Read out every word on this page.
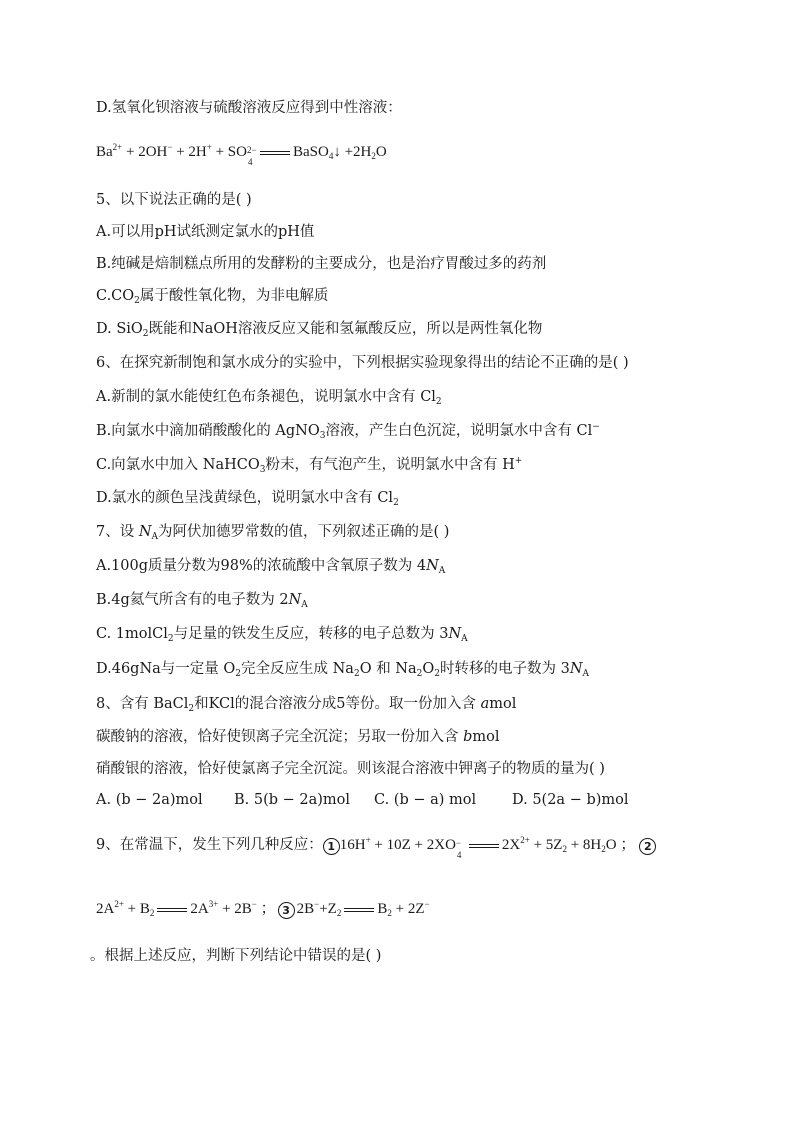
D.氢氧化钡溶液与硫酸溶液反应得到中性溶液：
$Ba^{2+} + 2OH^- + 2H^+$ + SO 2−
4
BaSO$_4$↓ $+2H_2O$
5、以下说法正确的是( )
A.可以用pH试纸测定氯水的pH值
B.纯碱是焙制糕点所用的发酵粉的主要成分，也是治疗胃酸过多的药剂
$C.CO_2$属于酸性氧化物，为非电解质
D. SiO$_2$既能和NaOH溶液反应又能和氢氟酸反应，所以是两性氧化物
6、在探究新制饱和氯水成分的实验中，下列根据实验现象得出的结论不正确的是( )
A.新制的氯水能使红色布条褪色，说明氯水中含有 $Cl_2$
B.向氯水中滴加硝酸酸化的 AgNO$_3$溶液，产生白色沉淀，说明氯水中含有 Cl−
C.向氯水中加入 NaHCO$_3$粉末，有气泡产生，说明氯水中含有 H+
D.氯水的颜色呈浅黄绿色，说明氯水中含有 $Cl_2$
7、设 $N_A$为阿伏加德罗常数的值，下列叙述正确的是( )
A.100g质量分数为98%的浓硫酸中含氧原子数为 $4N_A$
B.4g氦气所含有的电子数为 $2N_A$
C. 1molCl$_2$与足量的铁发生反应，转移的电子总数为 $3N_A$
D.46gNa与一定量 $O_2$完全反应生成 $Na_2O$ 和 $Na_2O_2$时转移的电子数为 $3N_A$
8、含有 BaCl$_2$和KCl的混合溶液分成5等份。取一份加入含 amol
碳酸钠的溶液，恰好使钡离子完全沉淀；另取一份加入含 bmol
硝酸银的溶液，恰好使氯离子完全沉淀。则该混合溶液中钾离子的物质的量为( )
A. (b − 2a)mol B. 5(b − 2a)mol C. (b − a) mol D. 5(2a − b)mol
9、在常温下，发生下列几种反应： 1 16H+ + 10Z + 2XO −
4
$2X^{2+} + 5Z_2 + 8H_2O$ ； 2
$2A^{2+} + B_2$ $2A^{3+} + 2B^-$ ； 3 $2B^-+Z_2$ $B_2 + 2Z^-$
。根据上述反应，判断下列结论中错误的是( )
